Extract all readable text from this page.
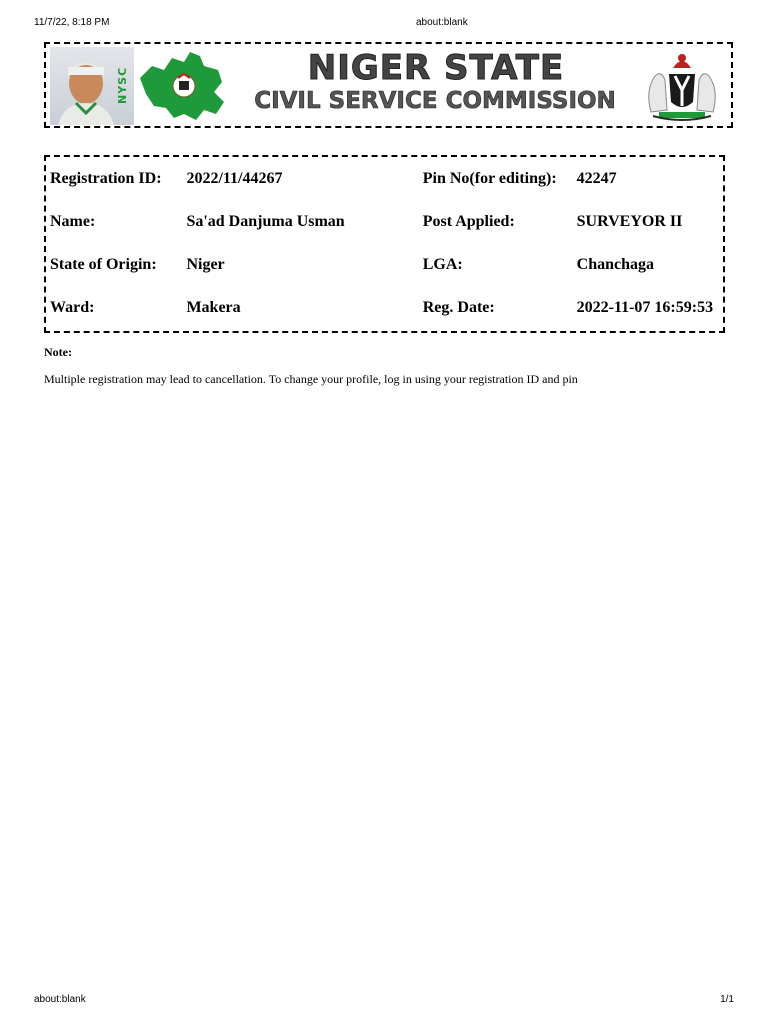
11/7/22, 8:18 PM	about:blank
NYSC	NIGER STATE
CIVIL SERVICE COMMISSION
Registration ID:	2022/11/44267	Pin No(for editing):	42247
Name:	Sa'ad Danjuma Usman	Post Applied:	SURVEYOR II
State of Origin:	Niger	LGA:	Chanchaga
Ward:	Makera	Reg. Date:	2022-11-07 16:59:53
Note:
Multiple registration may lead to cancellation. To change your profile, log in using your registration ID and pin
about:blank	1/1
